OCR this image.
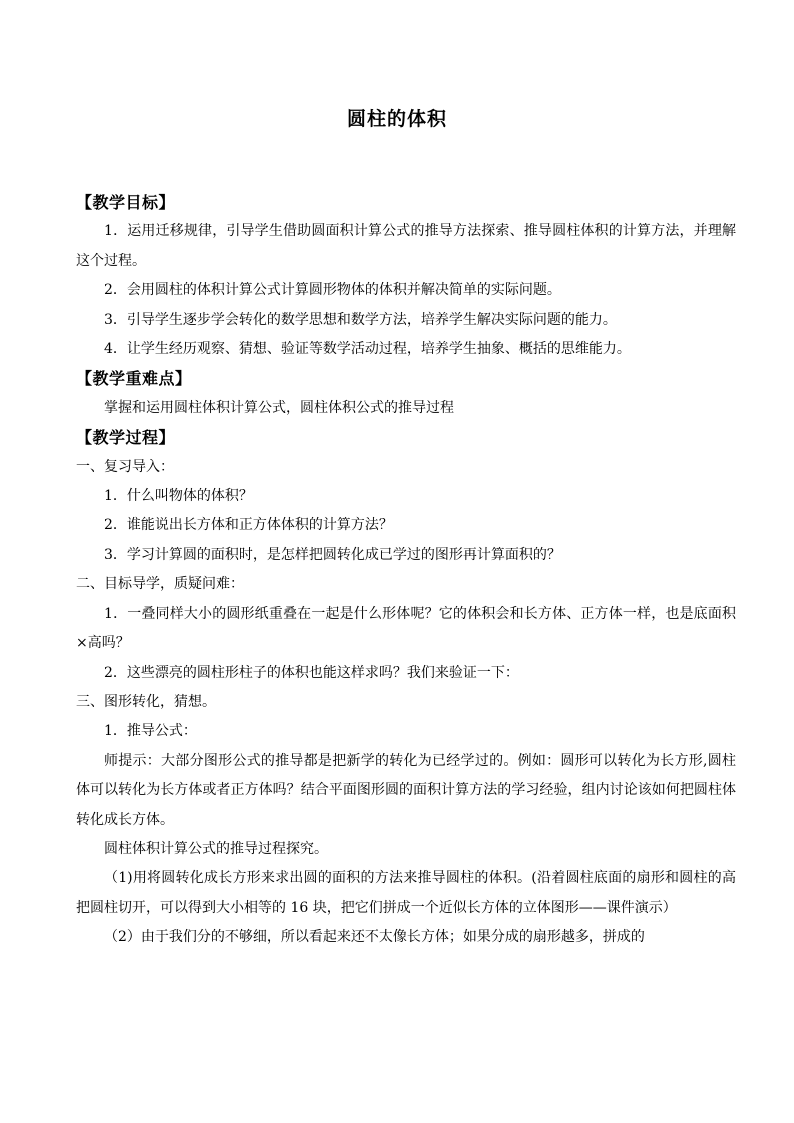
圆柱的体积

【教学目标】

1．运用迁移规律，引导学生借助圆面积计算公式的推导方法探索、推导圆柱体积的计算方法，并理解这个过程。

2．会用圆柱的体积计算公式计算圆形物体的体积并解决简单的实际问题。

3．引导学生逐步学会转化的数学思想和数学方法，培养学生解决实际问题的能力。

4．让学生经历观察、猜想、验证等数学活动过程，培养学生抽象、概括的思维能力。

【教学重难点】

掌握和运用圆柱体积计算公式，圆柱体积公式的推导过程

【教学过程】

一、复习导入：

1．什么叫物体的体积？

2．谁能说出长方体和正方体体积的计算方法？

3．学习计算圆的面积时，是怎样把圆转化成已学过的图形再计算面积的？

二、目标导学，质疑问难：

1．一叠同样大小的圆形纸重叠在一起是什么形体呢？它的体积会和长方体、正方体一样，也是底面积×高吗？

2．这些漂亮的圆柱形柱子的体积也能这样求吗？我们来验证一下：

三、图形转化，猜想。

1．推导公式：

师提示：大部分图形公式的推导都是把新学的转化为已经学过的。例如：圆形可以转化为长方形,圆柱体可以转化为长方体或者正方体吗？结合平面图形圆的面积计算方法的学习经验，组内讨论该如何把圆柱体转化成长方体。

圆柱体积计算公式的推导过程探究。

（1)用将圆转化成长方形来求出圆的面积的方法来推导圆柱的体积。(沿着圆柱底面的扇形和圆柱的高把圆柱切开，可以得到大小相等的 16 块，把它们拼成一个近似长方体的立体图形——课件演示）

（2）由于我们分的不够细，所以看起来还不太像长方体；如果分成的扇形越多，拼成的
